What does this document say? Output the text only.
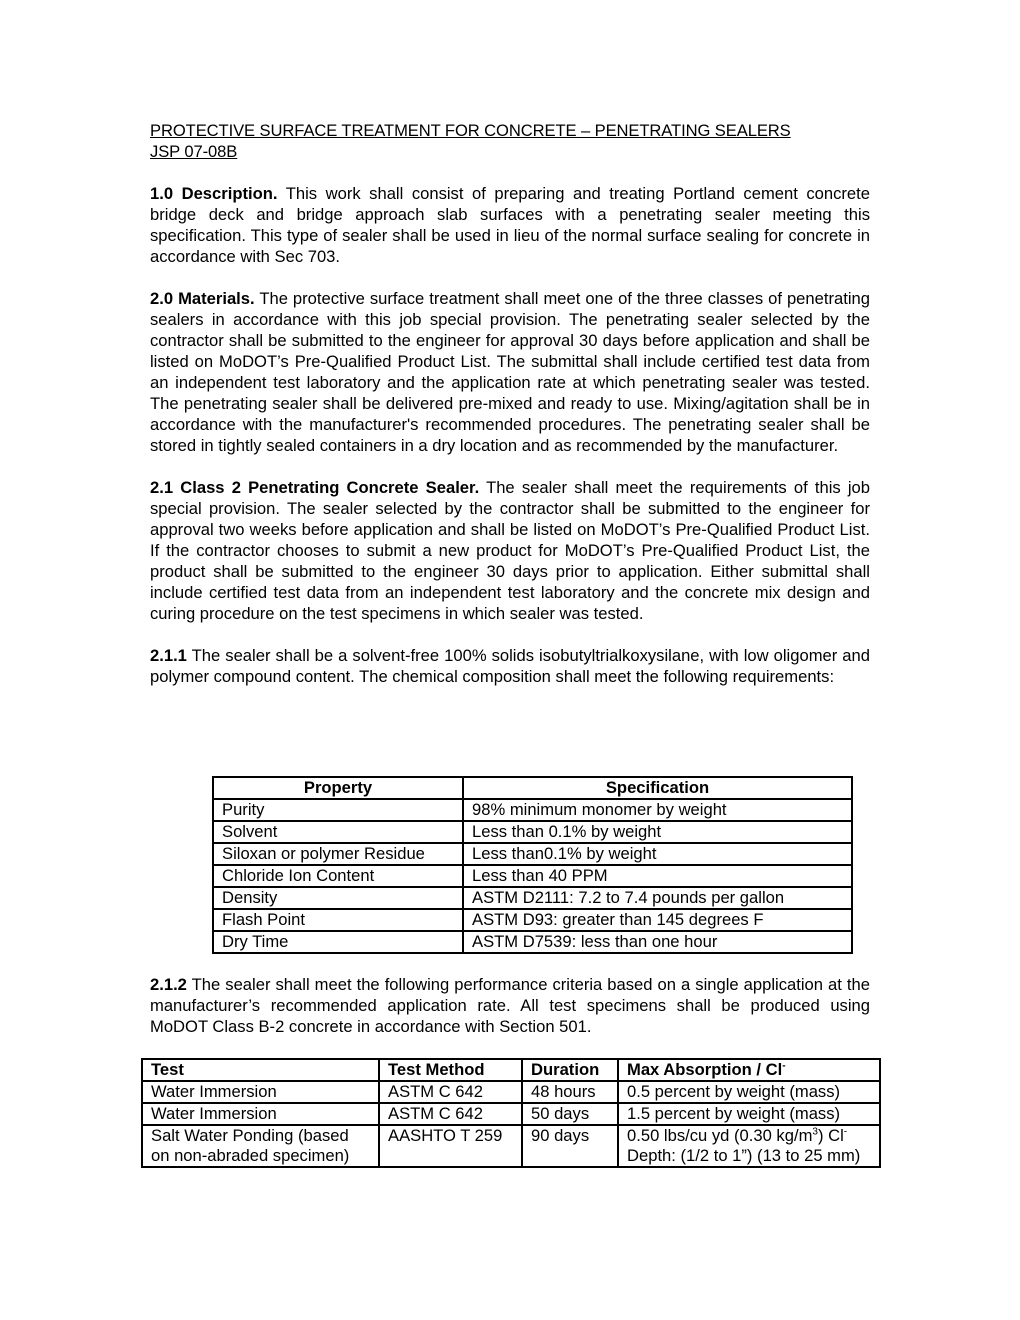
PROTECTIVE SURFACE TREATMENT FOR CONCRETE – PENETRATING SEALERS
JSP 07-08B

1.0 Description. This work shall consist of preparing and treating Portland cement concrete bridge deck and bridge approach slab surfaces with a penetrating sealer meeting this specification. This type of sealer shall be used in lieu of the normal surface sealing for concrete in accordance with Sec 703.

2.0 Materials. The protective surface treatment shall meet one of the three classes of penetrating sealers in accordance with this job special provision. The penetrating sealer selected by the contractor shall be submitted to the engineer for approval 30 days before application and shall be listed on MoDOT’s Pre-Qualified Product List. The submittal shall include certified test data from an independent test laboratory and the application rate at which penetrating sealer was tested. The penetrating sealer shall be delivered pre-mixed and ready to use. Mixing/agitation shall be in accordance with the manufacturer's recommended procedures. The penetrating sealer shall be stored in tightly sealed containers in a dry location and as recommended by the manufacturer.

2.1 Class 2 Penetrating Concrete Sealer. The sealer shall meet the requirements of this job special provision. The sealer selected by the contractor shall be submitted to the engineer for approval two weeks before application and shall be listed on MoDOT’s Pre-Qualified Product List. If the contractor chooses to submit a new product for MoDOT’s Pre-Qualified Product List, the product shall be submitted to the engineer 30 days prior to application. Either submittal shall include certified test data from an independent test laboratory and the concrete mix design and curing procedure on the test specimens in which sealer was tested.

2.1.1 The sealer shall be a solvent-free 100% solids isobutyltrialkoxysilane, with low oligomer and polymer compound content. The chemical composition shall meet the following requirements:

Property	Specification
Purity	98% minimum monomer by weight
Solvent	Less than 0.1% by weight
Siloxan or polymer Residue	Less than0.1% by weight
Chloride Ion Content	Less than 40 PPM
Density	ASTM D2111: 7.2 to 7.4 pounds per gallon
Flash Point	ASTM D93: greater than 145 degrees F
Dry Time	ASTM D7539: less than one hour

2.1.2 The sealer shall meet the following performance criteria based on a single application at the manufacturer’s recommended application rate. All test specimens shall be produced using MoDOT Class B-2 concrete in accordance with Section 501.

Test	Test Method	Duration	Max Absorption / Cl-
Water Immersion	ASTM C 642	48 hours	0.5 percent by weight (mass)
Water Immersion	ASTM C 642	50 days	1.5 percent by weight (mass)
Salt Water Ponding (based on non-abraded specimen)	AASHTO T 259	90 days	0.50 lbs/cu yd (0.30 $kg/m^3$) Cl- Depth: (1/2 to 1”) (13 to 25 mm)
